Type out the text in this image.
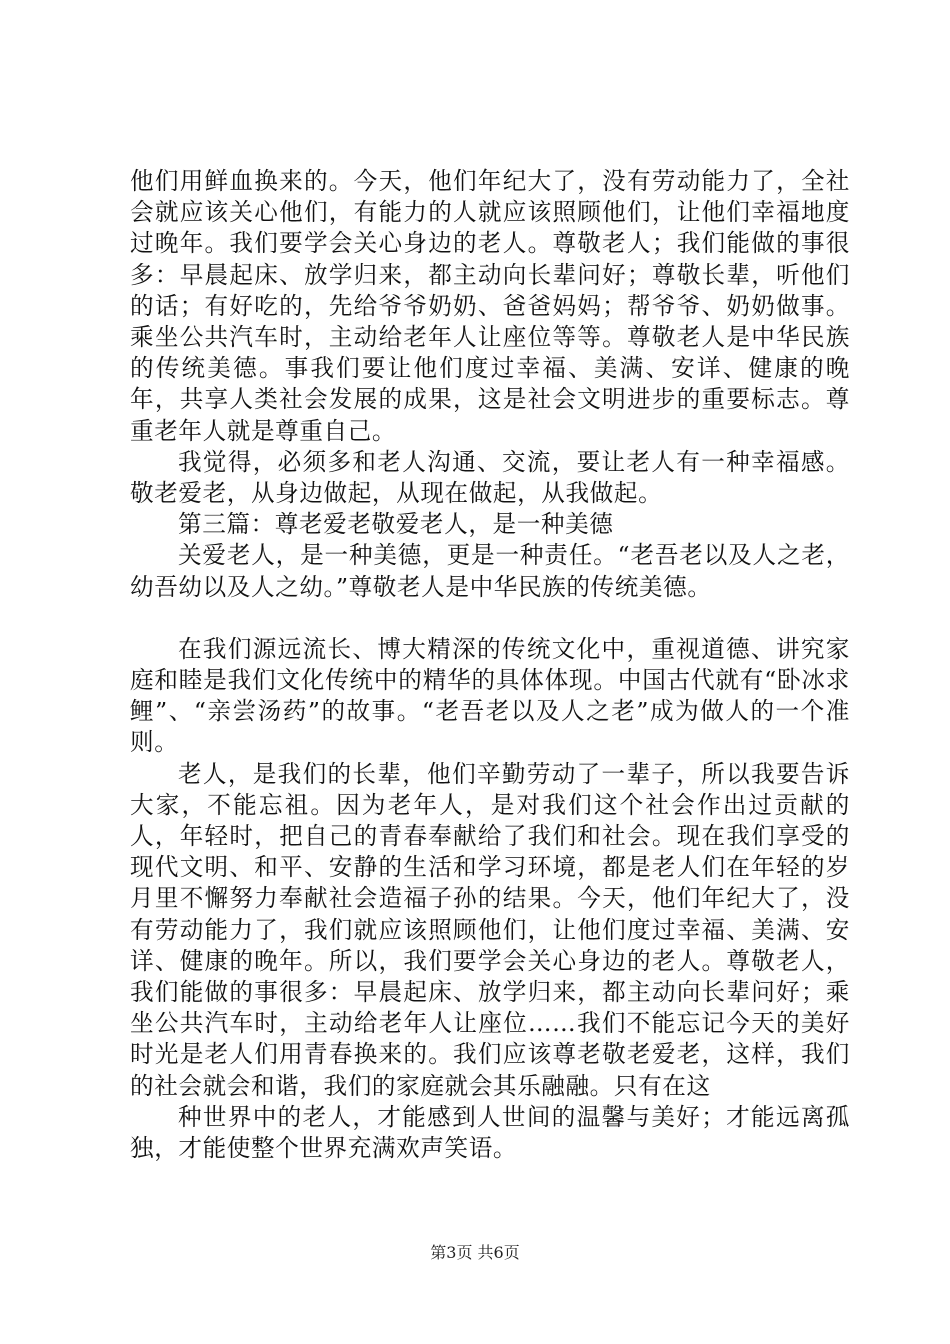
他们用鲜血换来的。今天，他们年纪大了，没有劳动能力了，全社会就应该关心他们，有能力的人就应该照顾他们，让他们幸福地度过晚年。我们要学会关心身边的老人。尊敬老人；我们能做的事很多：早晨起床、放学归来，都主动向长辈问好；尊敬长辈，听他们的话；有好吃的，先给爷爷奶奶、爸爸妈妈；帮爷爷、奶奶做事。乘坐公共汽车时，主动给老年人让座位等等。尊敬老人是中华民族的传统美德。事我们要让他们度过幸福、美满、安详、健康的晚年，共享人类社会发展的成果，这是社会文明进步的重要标志。尊重老年人就是尊重自己。

我觉得，必须多和老人沟通、交流，要让老人有一种幸福感。敬老爱老，从身边做起，从现在做起，从我做起。

第三篇：尊老爱老敬爱老人，是一种美德

关爱老人，是一种美德，更是一种责任。“老吾老以及人之老，幼吾幼以及人之幼。”尊敬老人是中华民族的传统美德。

在我们源远流长、博大精深的传统文化中，重视道德、讲究家庭和睦是我们文化传统中的精华的具体体现。中国古代就有“卧冰求鲤”、“亲尝汤药”的故事。“老吾老以及人之老”成为做人的一个准则。

老人，是我们的长辈，他们辛勤劳动了一辈子，所以我要告诉大家，不能忘祖。因为老年人，是对我们这个社会作出过贡献的人，年轻时，把自己的青春奉献给了我们和社会。现在我们享受的现代文明、和平、安静的生活和学习环境，都是老人们在年轻的岁月里不懈努力奉献社会造福子孙的结果。今天，他们年纪大了，没有劳动能力了，我们就应该照顾他们，让他们度过幸福、美满、安详、健康的晚年。所以，我们要学会关心身边的老人。尊敬老人，我们能做的事很多：早晨起床、放学归来，都主动向长辈问好；乘坐公共汽车时，主动给老年人让座位……我们不能忘记今天的美好时光是老人们用青春换来的。我们应该尊老敬老爱老，这样，我们的社会就会和谐，我们的家庭就会其乐融融。只有在这

种世界中的老人，才能感到人世间的温馨与美好；才能远离孤独，才能使整个世界充满欢声笑语。

第3页 共6页
